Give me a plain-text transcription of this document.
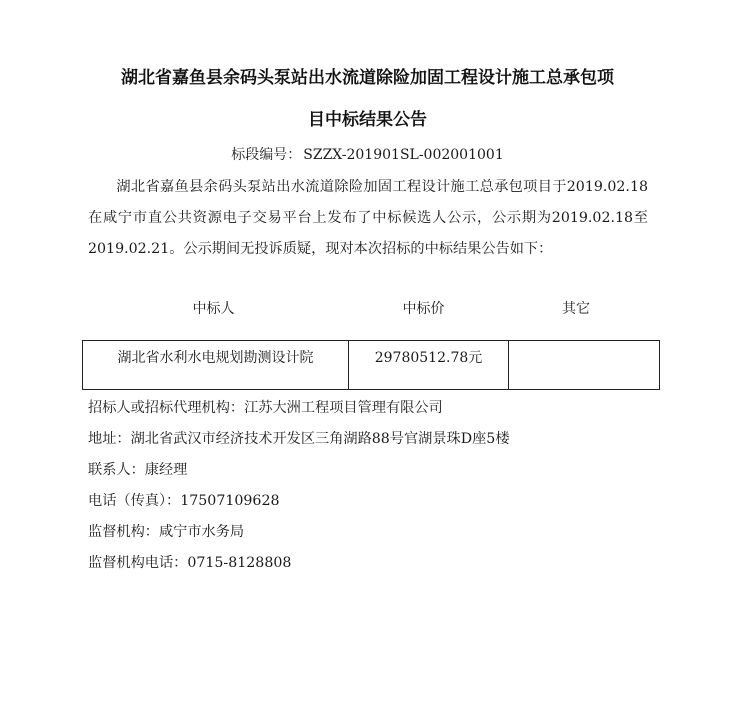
湖北省嘉鱼县余码头泵站出水流道除险加固工程设计施工总承包项
目中标结果公告
标段编号： SZZX-201901SL-002001001

湖北省嘉鱼县余码头泵站出水流道除险加固工程设计施工总承包项目于2019.02.18在咸宁市直公共资源电子交易平台上发布了中标候选人公示，公示期为2019.02.18至2019.02.21。公示期间无投诉质疑，现对本次招标的中标结果公告如下：

中标人	中标价	其它
湖北省水利水电规划勘测设计院	29780512.78元	
招标人或招标代理机构：江苏大洲工程项目管理有限公司
地址：湖北省武汉市经济技术开发区三角湖路88号官湖景珠D座5楼
联系人：康经理
电话（传真）：17507109628
监督机构：咸宁市水务局
监督机构电话：0715-8128808
